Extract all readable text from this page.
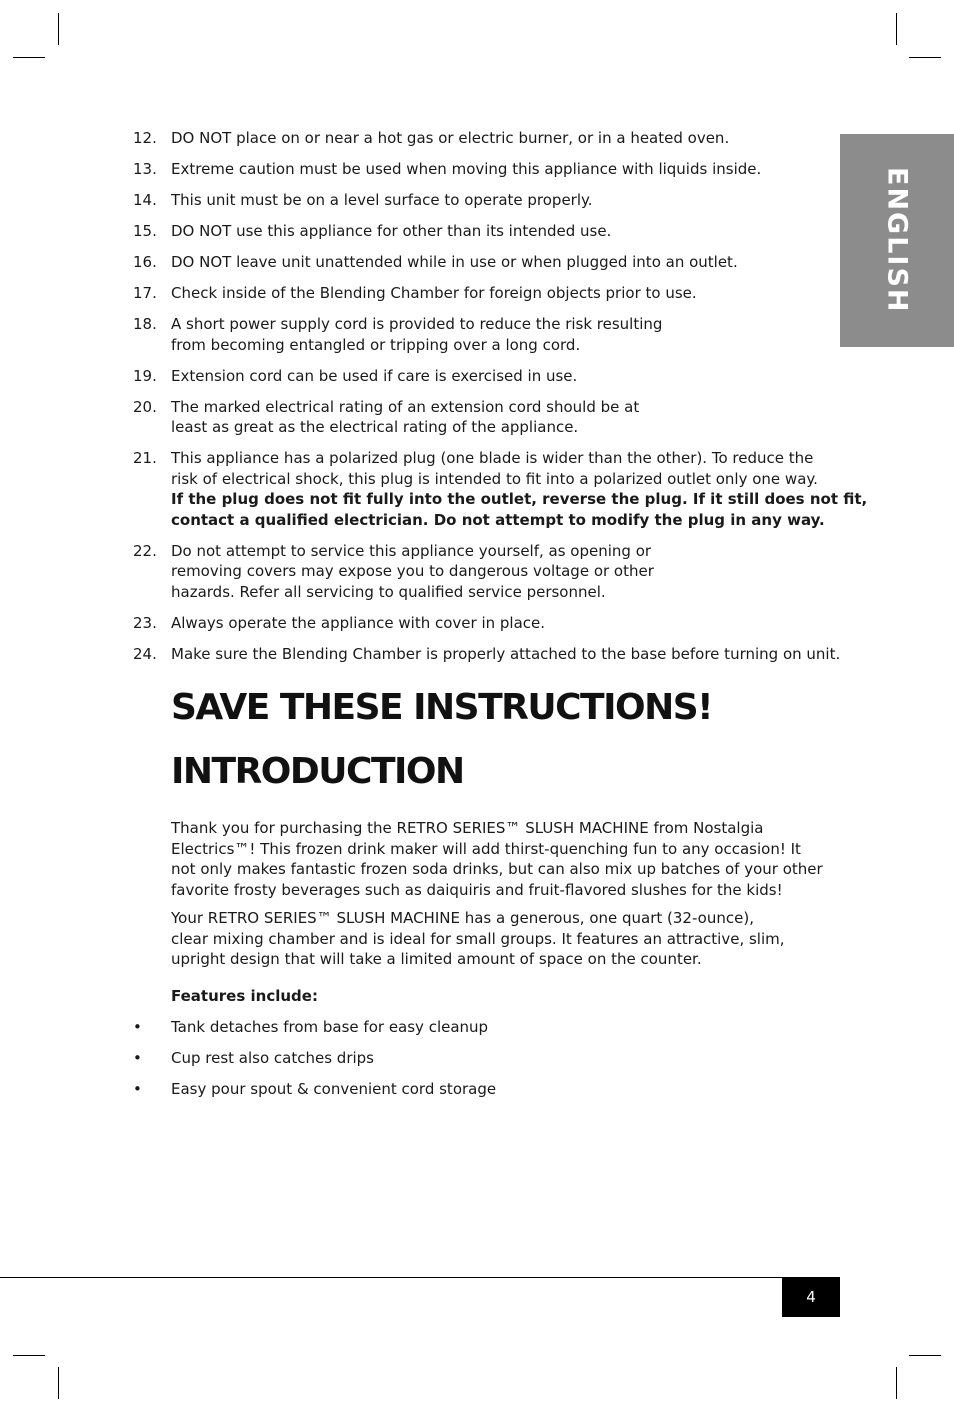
ENGLISH
12. DO NOT place on or near a hot gas or electric burner, or in a heated oven.
13. Extreme caution must be used when moving this appliance with liquids inside.
14. This unit must be on a level surface to operate properly.
15. DO NOT use this appliance for other than its intended use.
16. DO NOT leave unit unattended while in use or when plugged into an outlet.
17. Check inside of the Blending Chamber for foreign objects prior to use.
18. A short power supply cord is provided to reduce the risk resulting
from becoming entangled or tripping over a long cord.
19. Extension cord can be used if care is exercised in use.
20. The marked electrical rating of an extension cord should be at
least as great as the electrical rating of the appliance.
21. This appliance has a polarized plug (one blade is wider than the other). To reduce the
risk of electrical shock, this plug is intended to fit into a polarized outlet only one way.
If the plug does not fit fully into the outlet, reverse the plug. If it still does not fit,
contact a qualified electrician. Do not attempt to modify the plug in any way.
22. Do not attempt to service this appliance yourself, as opening or
removing covers may expose you to dangerous voltage or other
hazards. Refer all servicing to qualified service personnel.
23. Always operate the appliance with cover in place.
24. Make sure the Blending Chamber is properly attached to the base before turning on unit.
SAVE THESE INSTRUCTIONS!
INTRODUCTION
Thank you for purchasing the RETRO SERIES™ SLUSH MACHINE from Nostalgia
Electrics™! This frozen drink maker will add thirst-quenching fun to any occasion! It
not only makes fantastic frozen soda drinks, but can also mix up batches of your other
favorite frosty beverages such as daiquiris and fruit-flavored slushes for the kids!
Your RETRO SERIES™ SLUSH MACHINE has a generous, one quart (32-ounce),
clear mixing chamber and is ideal for small groups. It features an attractive, slim,
upright design that will take a limited amount of space on the counter.
Features include:
•	Tank detaches from base for easy cleanup
•	Cup rest also catches drips
•	Easy pour spout & convenient cord storage
4
